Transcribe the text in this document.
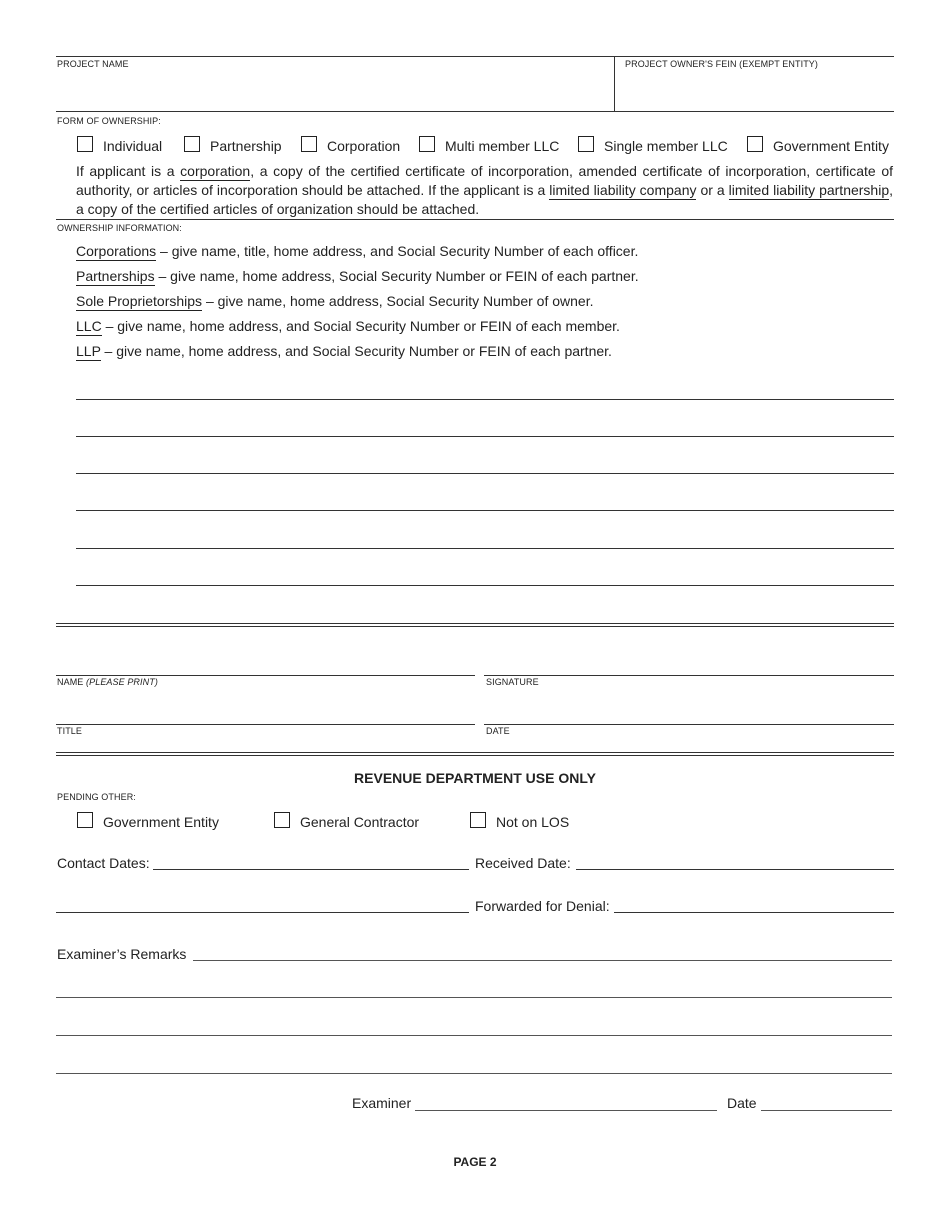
PROJECT NAME	PROJECT OWNER'S FEIN (EXEMPT ENTITY)
FORM OF OWNERSHIP:
Individual	Partnership	Corporation	Multi member LLC	Single member LLC	Government Entity
If applicant is a corporation, a copy of the certified certificate of incorporation, amended certificate of incorporation, certificate of authority, or articles of incorporation should be attached. If the applicant is a limited liability company or a limited liability partnership, a copy of the certified articles of organization should be attached.
OWNERSHIP INFORMATION:
Corporations – give name, title, home address, and Social Security Number of each officer.
Partnerships – give name, home address, Social Security Number or FEIN of each partner.
Sole Proprietorships – give name, home address, Social Security Number of owner.
LLC – give name, home address, and Social Security Number or FEIN of each member.
LLP – give name, home address, and Social Security Number or FEIN of each partner.
NAME (PLEASE PRINT)	SIGNATURE
TITLE	DATE
REVENUE DEPARTMENT USE ONLY
PENDING OTHER:
Government Entity	General Contractor	Not on LOS
Contact Dates:	Received Date:
Forwarded for Denial:
Examiner’s Remarks
Examiner	Date
PAGE 2
